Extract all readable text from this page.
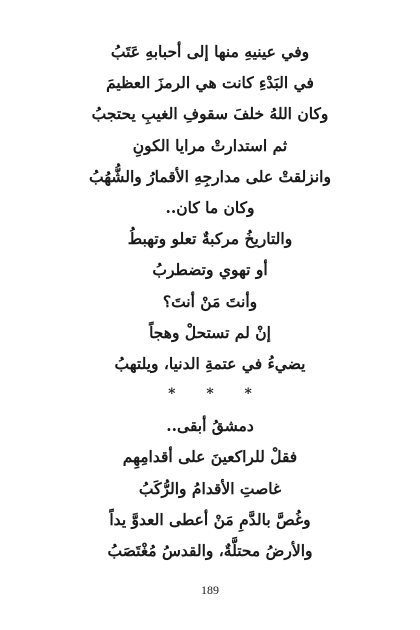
وفي عينيهِ منها إلى أحبابهِ عَتَبُ
في البَدْءِ كانت هي الرمزَ العظيمَ
وكان اللهُ خلفَ سقوفِ الغيبِ يحتجبُ
ثم استدارتْ مرايا الكونِ
وانزلقتْ على مدارجِهِ الأقمارُ والشُّهُبُ
وكان ما كان..
والتاريخُ مركبةٌ تعلو وتهبطُ
أو تهوي وتضطربُ
وأنتَ مَنْ أنتَ؟
إنْ لم تستحلْ وهجاً
يضيءُ في عتمةِ الدنيا، ويلتهبُ
* * *
دمشقُ أبقى..
فقلْ للراكعينَ على أقدامِهِم
غاصتِ الأقدامُ والرُّكَبُ
وغُصَّ بالدَّمِ مَنْ أعطى العدوَّ يداً
والأرضُ محتلَّةٌ، والقدسُ مُغْتَصَبُ
189
